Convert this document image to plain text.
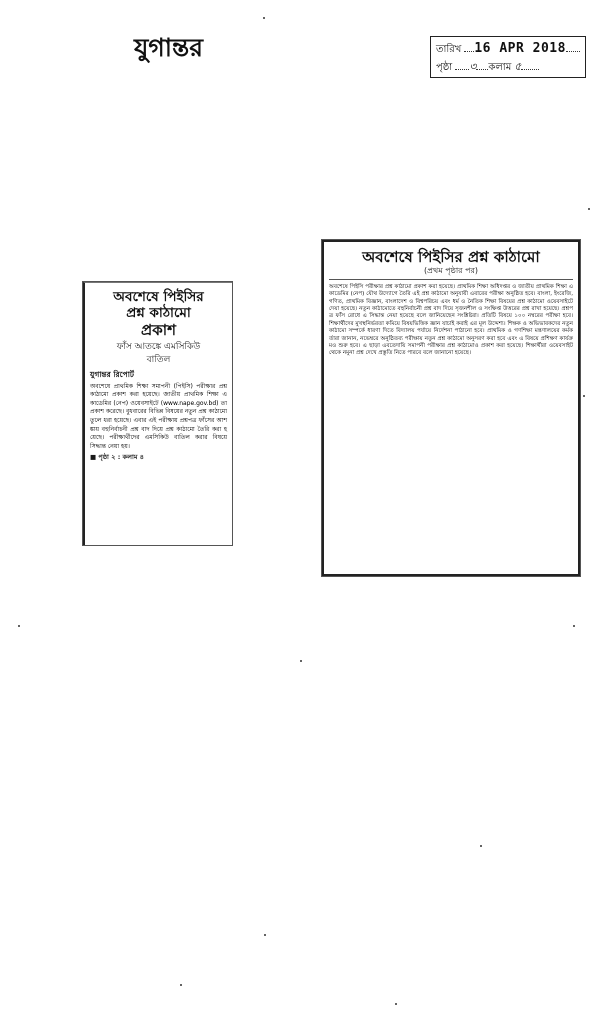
যুগান্তর	তারিখ 16 APR 2018
পৃষ্ঠা ৩ কলাম ৫
অবশেষে পিইসির
প্রশ্ন কাঠামো
প্রকাশ
ফাঁস আতঙ্কে এমসিকিউ
বাতিল
যুগান্তর রিপোর্ট
অবশেষে প্রাথমিক শিক্ষা সমাপনী (পিইসি) পরীক্ষার প্রশ্ন কাঠামো প্রকাশ করা হয়েছে। জাতীয় প্রাথমিক শিক্ষা একাডেমির (নেপ) ওয়েবসাইটে (www.nape.gov.bd) তা প্রকাশ করেছে। বুধবারের বিভিন্ন বিষয়ের নতুন প্রশ্ন কাঠামো তুলে ধরা হয়েছে। এবার এই পরীক্ষায় প্রশ্নপত্র ফাঁসের আশঙ্কায় বহুনির্বাচনী প্রশ্ন বাদ দিয়ে প্রশ্ন কাঠামো তৈরি করা হয়েছে। পরীক্ষার্থীদের এমসিকিউ বাতিল করার বিষয়ে সিদ্ধান্ত নেয়া হয়।
■ পৃষ্ঠা ২ : কলাম ৪
অবশেষে পিইসির প্রশ্ন কাঠামো
(প্রথম পৃষ্ঠার পর)
অবশেষে পিইসি পরীক্ষার প্রশ্ন কাঠামো প্রকাশ করা হয়েছে। প্রাথমিক শিক্ষা অধিদপ্তর ও জাতীয় প্রাথমিক শিক্ষা একাডেমির (নেপ) যৌথ উদ্যোগে তৈরি এই প্রশ্ন কাঠামো অনুযায়ী এবারের পরীক্ষা অনুষ্ঠিত হবে। বাংলা, ইংরেজি, গণিত, প্রাথমিক বিজ্ঞান, বাংলাদেশ ও বিশ্বপরিচয় এবং ধর্ম ও নৈতিক শিক্ষা বিষয়ের প্রশ্ন কাঠামো ওয়েবসাইটে দেয়া হয়েছে। নতুন কাঠামোতে বহুনির্বাচনী প্রশ্ন বাদ দিয়ে সৃজনশীল ও সংক্ষিপ্ত উত্তরের প্রশ্ন রাখা হয়েছে। প্রশ্নপত্র ফাঁস রোধে এ সিদ্ধান্ত নেয়া হয়েছে বলে জানিয়েছেন সংশ্লিষ্টরা। প্রতিটি বিষয়ে ১০০ নম্বরের পরীক্ষা হবে। শিক্ষার্থীদের মুখস্থনির্ভরতা কমিয়ে বিষয়ভিত্তিক জ্ঞান যাচাই করাই এর মূল উদ্দেশ্য। শিক্ষক ও অভিভাবকদের নতুন কাঠামো সম্পর্কে ধারণা দিতে বিদ্যালয় পর্যায়ে নির্দেশনা পাঠানো হবে। প্রাথমিক ও গণশিক্ষা মন্ত্রণালয়ের কর্মকর্তারা জানান, নভেম্বরে অনুষ্ঠিতব্য পরীক্ষায় নতুন প্রশ্ন কাঠামো অনুসরণ করা হবে এবং এ বিষয়ে প্রশিক্ষণ কার্যক্রমও শুরু হবে। এ ছাড়া এবতেদায়ি সমাপনী পরীক্ষার প্রশ্ন কাঠামোও প্রকাশ করা হয়েছে। শিক্ষার্থীরা ওয়েবসাইট থেকে নমুনা প্রশ্ন দেখে প্রস্তুতি নিতে পারবে বলে জানানো হয়েছে।
